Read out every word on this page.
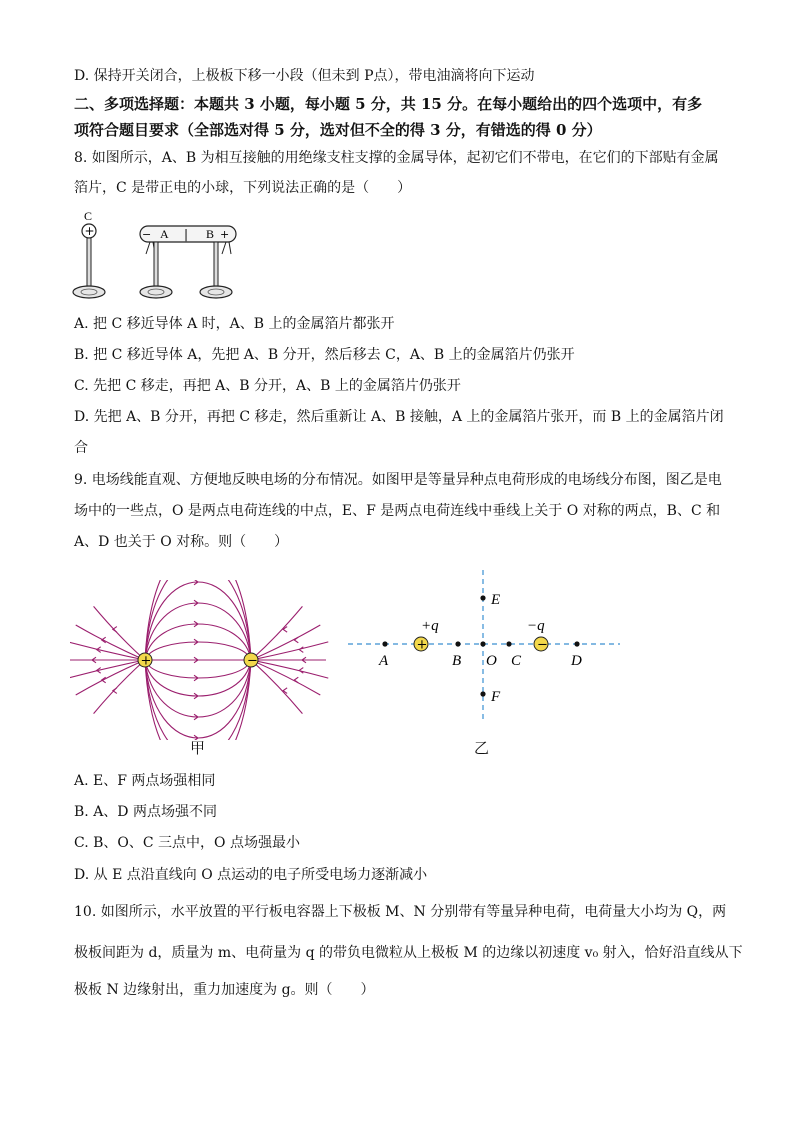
D. 保持开关闭合，上极板下移一小段（但未到 P点），带电油滴将向下运动
二、多项选择题：本题共 3 小题，每小题 5 分，共 15 分。在每小题给出的四个选项中，有多
项符合题目要求（全部选对得 5 分，选对但不全的得 3 分，有错选的得 0 分）
8. 如图所示，A、B 为相互接触的用绝缘支柱支撑的金属导体，起初它们不带电，在它们的下部贴有金属
箔片，C 是带正电的小球，下列说法正确的是（　　）
C
+	− A | B +
A. 把 C 移近导体 A 时，A、B 上的金属箔片都张开
B. 把 C 移近导体 A，先把 A、B 分开，然后移去 C，A、B 上的金属箔片仍张开
C. 先把 C 移走，再把 A、B 分开，A、B 上的金属箔片仍张开
D. 先把 A、B 分开，再把 C 移走，然后重新让 A、B 接触，A 上的金属箔片张开，而 B 上的金属箔片闭
合
9. 电场线能直观、方便地反映电场的分布情况。如图甲是等量异种点电荷形成的电场线分布图，图乙是电
场中的一些点，O 是两点电荷连线的中点，E、F 是两点电荷连线中垂线上关于 O 对称的两点，B、C 和
A、D 也关于 O 对称。则（　　）
+	−
甲
E
F
A
+
+q
B O C
−
−q
D
乙
A. E、F 两点场强相同
B. A、D 两点场强不同
C. B、O、C 三点中，O 点场强最小
D. 从 E 点沿直线向 O 点运动的电子所受电场力逐渐减小
10. 如图所示，水平放置的平行板电容器上下极板 M、N 分别带有等量异种电荷，电荷量大小均为 Q，两
极板间距为 d，质量为 m、电荷量为 q 的带负电微粒从上极板 M 的边缘以初速度 v₀ 射入，恰好沿直线从下
极板 N 边缘射出，重力加速度为 g。则（　　）
